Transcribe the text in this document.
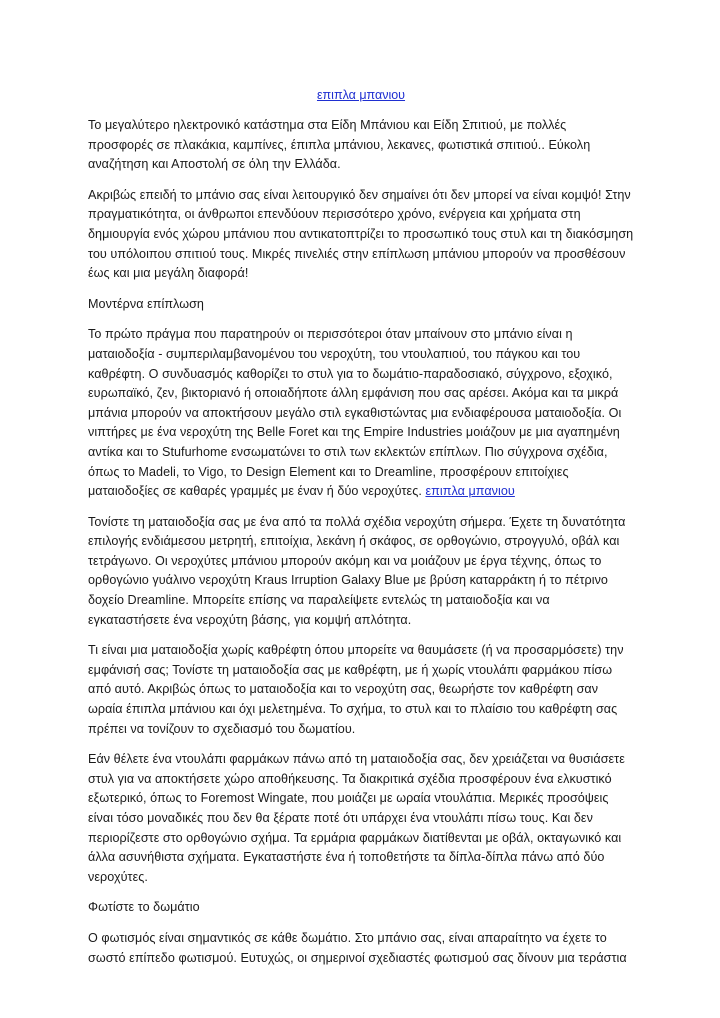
επιπλα μπανιου

Το μεγαλύτερο ηλεκτρονικό κατάστημα στα Είδη Μπάνιου και Είδη Σπιτιού, με πολλές προσφορές σε πλακάκια, καμπίνες, έπιπλα μπάνιου, λεκανες, φωτιστικά σπιτιού.. Εύκολη αναζήτηση και Αποστολή σε όλη την Ελλάδα.

Ακριβώς επειδή το μπάνιο σας είναι λειτουργικό δεν σημαίνει ότι δεν μπορεί να είναι κομψό! Στην πραγματικότητα, οι άνθρωποι επενδύουν περισσότερο χρόνο, ενέργεια και χρήματα στη δημιουργία ενός χώρου μπάνιου που αντικατοπτρίζει το προσωπικό τους στυλ και τη διακόσμηση του υπόλοιπου σπιτιού τους. Μικρές πινελιές στην επίπλωση μπάνιου μπορούν να προσθέσουν έως και μια μεγάλη διαφορά!

Μοντέρνα επίπλωση

Το πρώτο πράγμα που παρατηρούν οι περισσότεροι όταν μπαίνουν στο μπάνιο είναι η ματαιοδοξία - συμπεριλαμβανομένου του νεροχύτη, του ντουλαπιού, του πάγκου και του καθρέφτη. Ο συνδυασμός καθορίζει το στυλ για το δωμάτιο-παραδοσιακό, σύγχρονο, εξοχικό, ευρωπαϊκό, ζεν, βικτοριανό ή οποιαδήποτε άλλη εμφάνιση που σας αρέσει. Ακόμα και τα μικρά μπάνια μπορούν να αποκτήσουν μεγάλο στιλ εγκαθιστώντας μια ενδιαφέρουσα ματαιοδοξία. Οι νιπτήρες με ένα νεροχύτη της Belle Foret και της Empire Industries μοιάζουν με μια αγαπημένη αντίκα και το Stufurhome ενσωματώνει το στιλ των εκλεκτών επίπλων. Πιο σύγχρονα σχέδια, όπως το Madeli, το Vigo, το Design Element και το Dreamline, προσφέρουν επιτοίχιες ματαιοδοξίες σε καθαρές γραμμές με έναν ή δύο νεροχύτες. επιπλα μπανιου

Τονίστε τη ματαιοδοξία σας με ένα από τα πολλά σχέδια νεροχύτη σήμερα. Έχετε τη δυνατότητα επιλογής ενδιάμεσου μετρητή, επιτοίχια, λεκάνη ή σκάφος, σε ορθογώνιο, στρογγυλό, οβάλ και τετράγωνο. Οι νεροχύτες μπάνιου μπορούν ακόμη και να μοιάζουν με έργα τέχνης, όπως το ορθογώνιο γυάλινο νεροχύτη Kraus Irruption Galaxy Blue με βρύση καταρράκτη ή το πέτρινο δοχείο Dreamline. Μπορείτε επίσης να παραλείψετε εντελώς τη ματαιοδοξία και να εγκαταστήσετε ένα νεροχύτη βάσης, για κομψή απλότητα.

Τι είναι μια ματαιοδοξία χωρίς καθρέφτη όπου μπορείτε να θαυμάσετε (ή να προσαρμόσετε) την εμφάνισή σας; Τονίστε τη ματαιοδοξία σας με καθρέφτη, με ή χωρίς ντουλάπι φαρμάκου πίσω από αυτό. Ακριβώς όπως το ματαιοδοξία και το νεροχύτη σας, θεωρήστε τον καθρέφτη σαν ωραία έπιπλα μπάνιου και όχι μελετημένα. Το σχήμα, το στυλ και το πλαίσιο του καθρέφτη σας πρέπει να τονίζουν το σχεδιασμό του δωματίου.

Εάν θέλετε ένα ντουλάπι φαρμάκων πάνω από τη ματαιοδοξία σας, δεν χρειάζεται να θυσιάσετε στυλ για να αποκτήσετε χώρο αποθήκευσης. Τα διακριτικά σχέδια προσφέρουν ένα ελκυστικό εξωτερικό, όπως το Foremost Wingate, που μοιάζει με ωραία ντουλάπια. Μερικές προσόψεις είναι τόσο μοναδικές που δεν θα ξέρατε ποτέ ότι υπάρχει ένα ντουλάπι πίσω τους. Και δεν περιορίζεστε στο ορθογώνιο σχήμα. Τα ερμάρια φαρμάκων διατίθενται με οβάλ, οκταγωνικό και άλλα ασυνήθιστα σχήματα. Εγκαταστήστε ένα ή τοποθετήστε τα δίπλα-δίπλα πάνω από δύο νεροχύτες.

Φωτίστε το δωμάτιο

Ο φωτισμός είναι σημαντικός σε κάθε δωμάτιο. Στο μπάνιο σας, είναι απαραίτητο να έχετε το σωστό επίπεδο φωτισμού. Ευτυχώς, οι σημερινοί σχεδιαστές φωτισμού σας δίνουν μια τεράστια
